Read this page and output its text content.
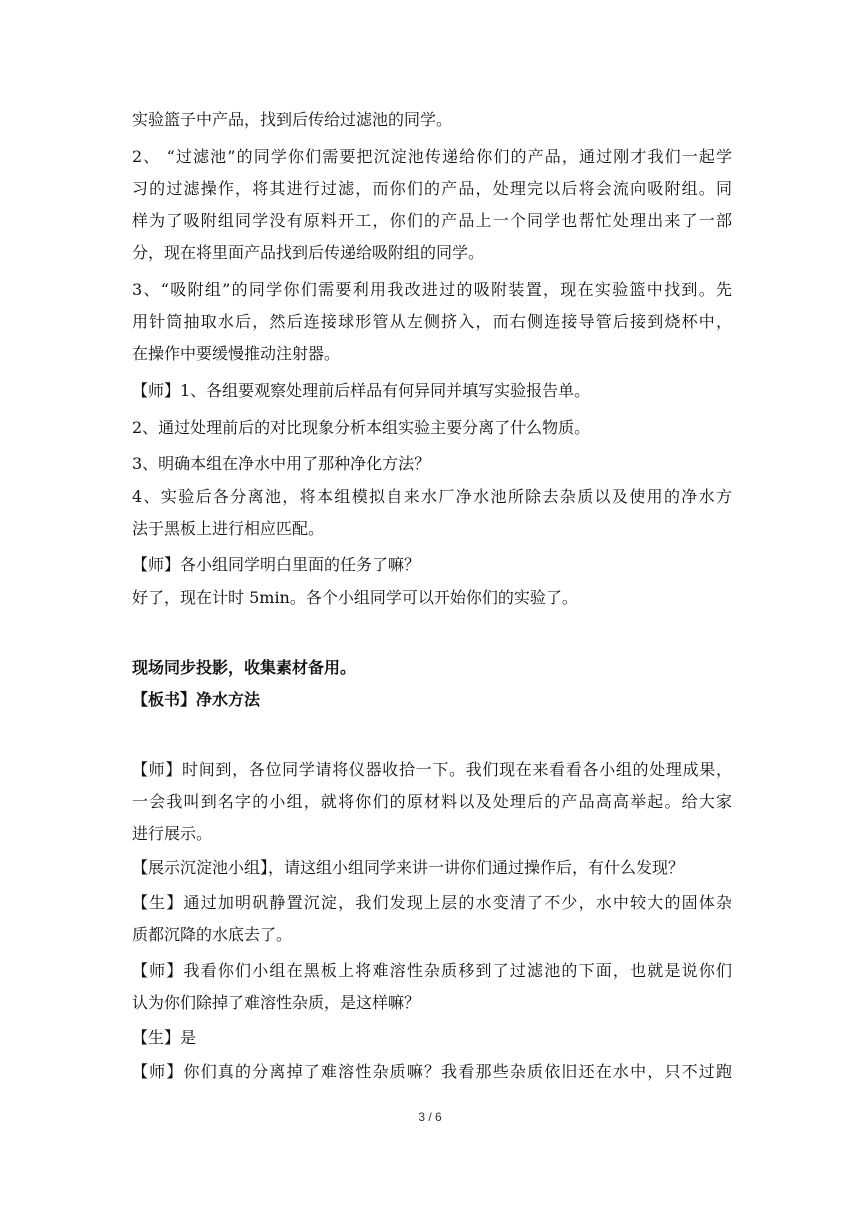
实验篮子中产品，找到后传给过滤池的同学。
2、 “过滤池”的同学你们需要把沉淀池传递给你们的产品，通过刚才我们一起学
习的过滤操作，将其进行过滤，而你们的产品，处理完以后将会流向吸附组。同
样为了吸附组同学没有原料开工，你们的产品上一个同学也帮忙处理出来了一部
分，现在将里面产品找到后传递给吸附组的同学。
3、“吸附组”的同学你们需要利用我改进过的吸附装置，现在实验篮中找到。先
用针筒抽取水后，然后连接球形管从左侧挤入，而右侧连接导管后接到烧杯中，
在操作中要缓慢推动注射器。
【师】1、各组要观察处理前后样品有何异同并填写实验报告单。
2、通过处理前后的对比现象分析本组实验主要分离了什么物质。
3、明确本组在净水中用了那种净化方法？
4、实验后各分离池，将本组模拟自来水厂净水池所除去杂质以及使用的净水方
法于黑板上进行相应匹配。
【师】各小组同学明白里面的任务了嘛？
好了，现在计时 5min。各个小组同学可以开始你们的实验了。
现场同步投影，收集素材备用。
【板书】净水方法
【师】时间到，各位同学请将仪器收拾一下。我们现在来看看各小组的处理成果，
一会我叫到名字的小组，就将你们的原材料以及处理后的产品高高举起。给大家
进行展示。
【展示沉淀池小组】，请这组小组同学来讲一讲你们通过操作后，有什么发现？
【生】通过加明矾静置沉淀，我们发现上层的水变清了不少，水中较大的固体杂
质都沉降的水底去了。
【师】我看你们小组在黑板上将难溶性杂质移到了过滤池的下面，也就是说你们
认为你们除掉了难溶性杂质，是这样嘛？
【生】是
【师】你们真的分离掉了难溶性杂质嘛？我看那些杂质依旧还在水中，只不过跑
3 / 6
